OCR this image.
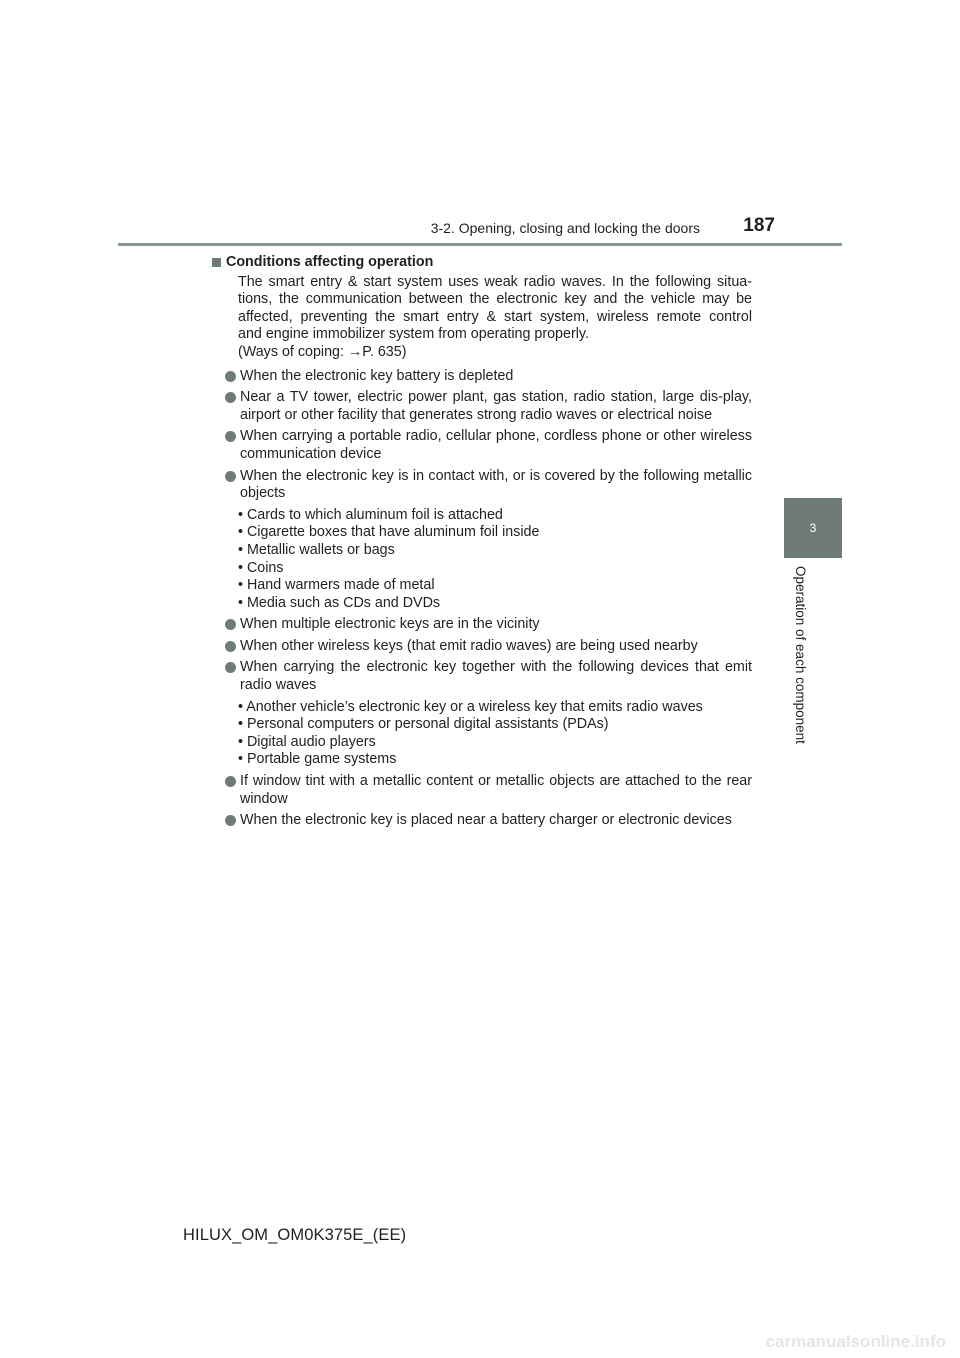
3-2. Opening, closing and locking the doors	187
3
Operation of each component
Conditions affecting operation
The smart entry & start system uses weak radio waves. In the following situa-
tions, the communication between the electronic key and the vehicle may be
affected, preventing the smart entry & start system, wireless remote control
and engine immobilizer system from operating properly.
(Ways of coping: →P. 635)
When the electronic key battery is depleted
Near a TV tower, electric power plant, gas station, radio station, large dis-play, airport or other facility that generates strong radio waves or electrical noise
When carrying a portable radio, cellular phone, cordless phone or other wireless communication device
When the electronic key is in contact with, or is covered by the following metallic objects
• Cards to which aluminum foil is attached
• Cigarette boxes that have aluminum foil inside
• Metallic wallets or bags
• Coins
• Hand warmers made of metal
• Media such as CDs and DVDs
When multiple electronic keys are in the vicinity
When other wireless keys (that emit radio waves) are being used nearby
When carrying the electronic key together with the following devices that emit radio waves
• Another vehicle’s electronic key or a wireless key that emits radio waves
• Personal computers or personal digital assistants (PDAs)
• Digital audio players
• Portable game systems
If window tint with a metallic content or metallic objects are attached to the rear window
When the electronic key is placed near a battery charger or electronic devices
HILUX_OM_OM0K375E_(EE)
carmanualsonline.info
